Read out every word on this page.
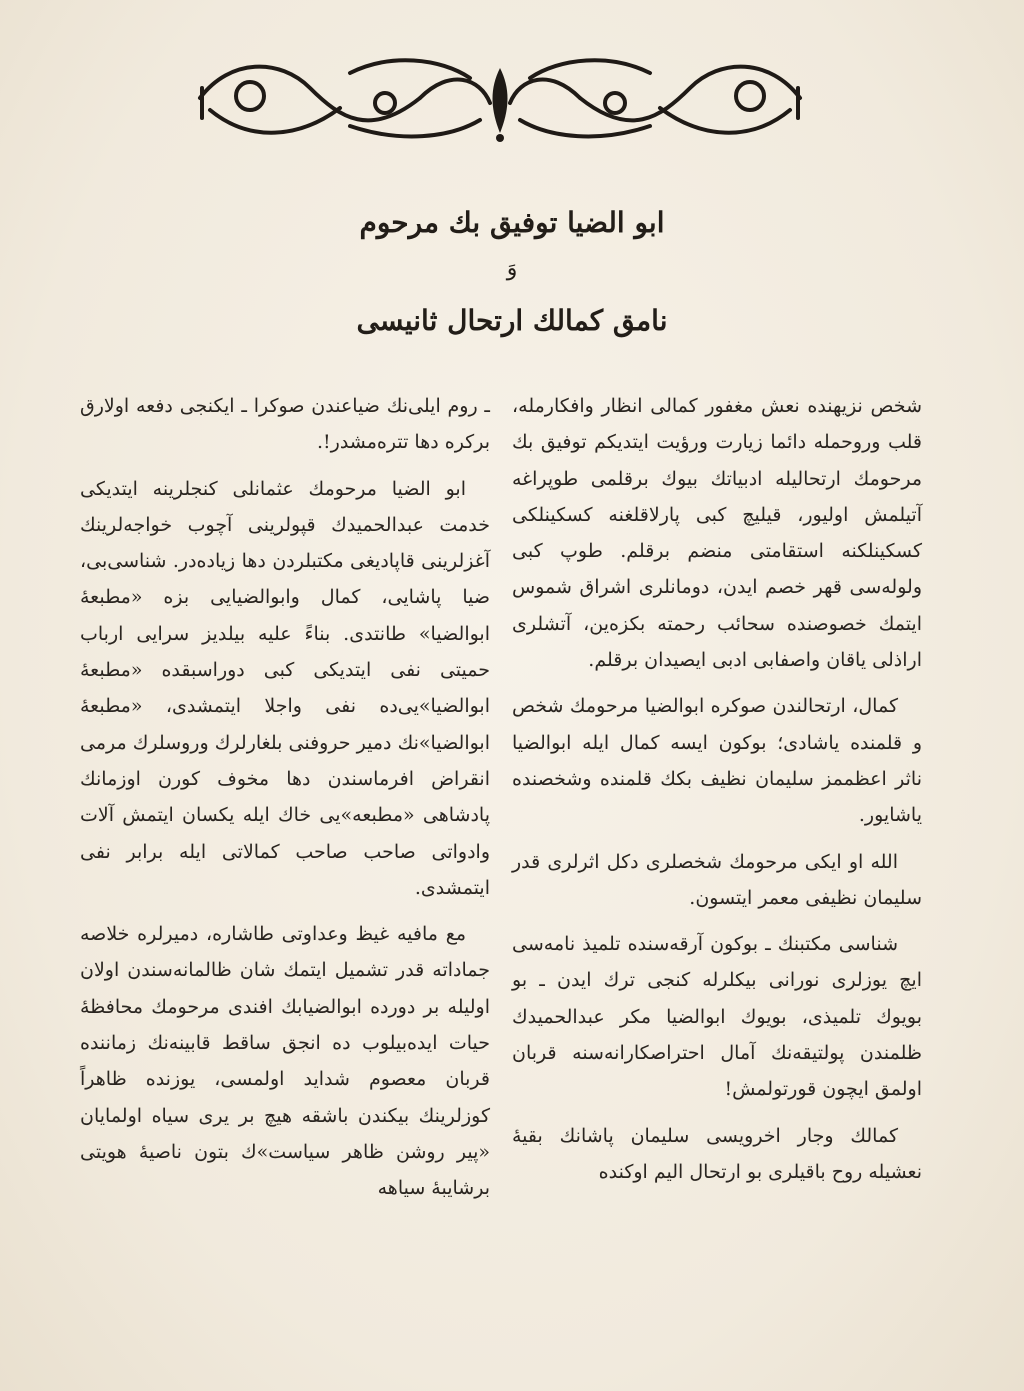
ابو الضیا توفیق بك مرحوم
وَ
نامق کمالك ارتحال ثانیسی

شخص نزیهنده نعش مغفور کمالی انظار وافکارمله، قلب وروحمله دائما زیارت ورؤیت ایتدیکم توفیق بك مرحومك ارتحالیله ادبیاتك بیوك برقلمی طوپراغه آتیلمش اولیور، قیلیچ کبی پارلاقلغنه کسکینلکی کسکینلکنه استقامتی منضم برقلم. طوپ کبی ولوله‌سی قهر خصم ایدن، دومانلری اشراق شموس ایتمك خصوصنده سحائب رحمته بکزه‌ین، آتشلری اراذلی یاقان واصفابی ادبی ایصیدان برقلم.

کمال، ارتحالندن صوکره ابوالضیا مرحومك شخص و قلمنده یاشادی؛ بوکون ایسه کمال ایله ابوالضیا ناثر اعظممز سلیمان نظیف بکك قلمنده وشخصنده یاشایور.

الله او ایکی مرحومك شخصلری دکل اثرلری قدر سلیمان نظیفی معمر ایتسون.

شناسی مکتبنك ـ بوکون آرقه‌سنده تلمیذ نامه‌سی ایچ یوزلری نورانی بیکلرله کنجی ترك ایدن ـ بو بویوك تلمیذی، بویوك ابوالضیا مکر عبدالحمیدك ظلمندن پولتیقه‌نك آمال احتراصکارانه‌سنه قربان اولمق ایچون قورتولمش!

کمالك وجار اخرویسی سلیمان پاشانك بقیهٔ نعشیله روح باقیلری بو ارتحال الیم اوکنده

ـ روم ایلی‌نك ضیاعندن صوکرا ـ ایکنجی دفعه اولارق برکره دها تتره‌مشدر!.

ابو الضیا مرحومك عثمانلی کنجلرینه ایتدیکی خدمت عبدالحمیدك قپولرینی آچوب خواجه‌لرینك آغزلرینی قاپادیغی مکتبلردن دها زیاده‌در. شناسی‌بی، ضیا پاشایی، کمال وابوالضیایی بزه «مطبعهٔ ابوالضیا» طانتدی. بناءً علیه بیلدیز سرایی ارباب حمیتی نفی ایتدیکی کبی دوراسبقده «مطبعهٔ ابوالضیا»‌یی‌ده نفی واجلا ایتمشدی، «مطبعهٔ ابوالضیا»نك دمیر حروفنی بلغارلرك وروسلرك مرمی انقراض افرماسندن دها مخوف کورن اوزمانك پادشاهی «مطبعه»‌یی خاك ایله یکسان ایتمش آلات وادواتی صاحب صاحب کمالاتی ایله برابر نفی ایتمشدی.

مع مافیه غیظ وعداوتی طاشاره، دمیرلره خلاصه جماداته قدر تشمیل ایتمك شان ظالمانه‌سندن اولان اولیله بر دورده ابوالضیابك افندی مرحومك محافظهٔ حیات ایده‌بیلوب ده انجق ساقط قابینه‌نك زماننده قربان معصوم شداید اولمسی، یوزنده ظاهراً کوزلرینك بیکندن باشقه هیچ بر یری سیاه اولمایان «پیر روشن ظاهر سیاست»ك بتون ناصیهٔ هویتی برشایبهٔ سیاهه
